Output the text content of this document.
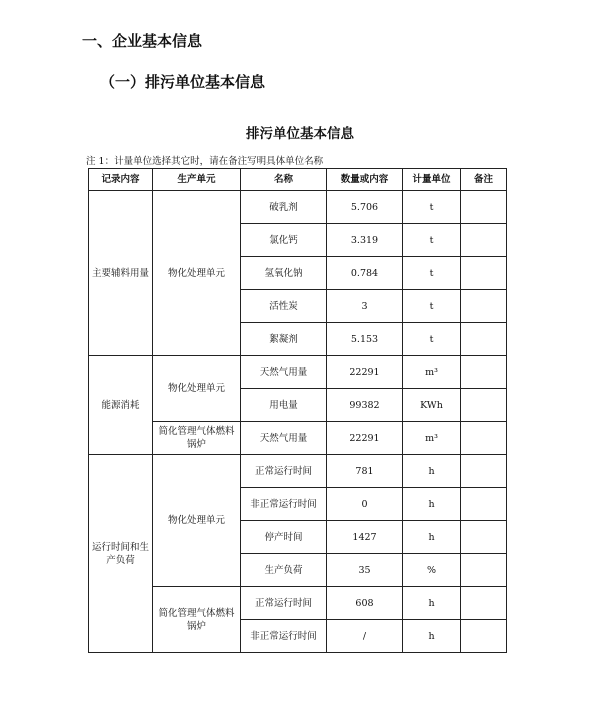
一、企业基本信息
（一）排污单位基本信息
排污单位基本信息
注 1：计量单位选择其它时，请在备注写明具体单位名称
记录内容	生产单元	名称	数量或内容	计量单位	备注
主要辅料用量	物化处理单元	破乳剂	5.706	t	
		氯化钙	3.319	t	
		氢氧化钠	0.784	t	
		活性炭	3	t	
		絮凝剂	5.153	t	
能源消耗	物化处理单元	天然气用量	22291	m³	
		用电量	99382	KWh	
	简化管理气体燃料锅炉	天然气用量	22291	m³	
运行时间和生产负荷	物化处理单元	正常运行时间	781	h	
		非正常运行时间	0	h	
		停产时间	1427	h	
		生产负荷	35	%	
	简化管理气体燃料锅炉	正常运行时间	608	h	
		非正常运行时间	/	h	
